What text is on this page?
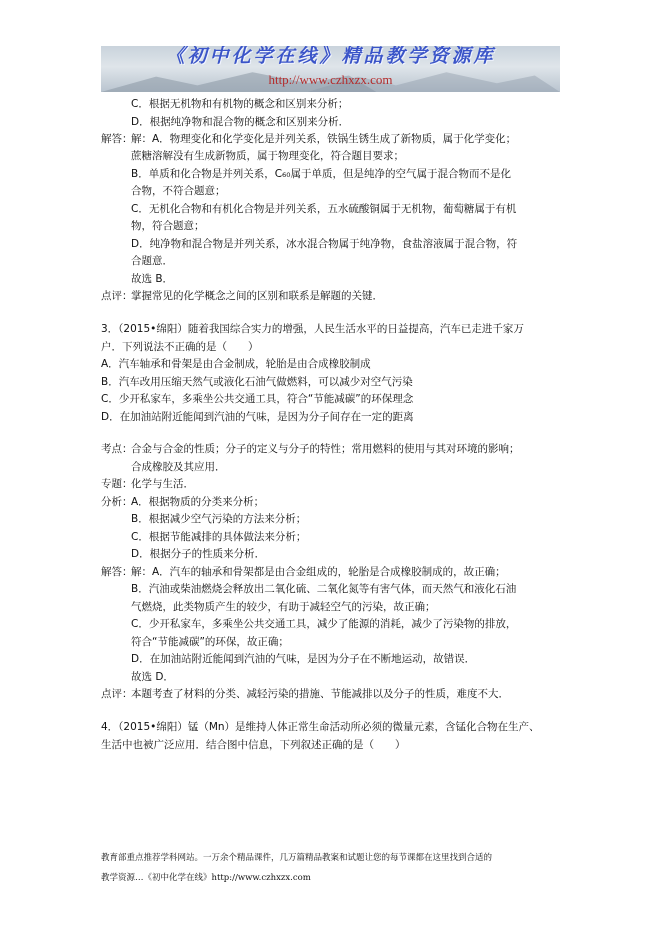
《初中化学在线》精品教学资源库
http://www.czhxzx.com
C．根据无机物和有机物的概念和区别来分析；
D．根据纯净物和混合物的概念和区别来分析．
解答：
解：A．物理变化和化学变化是并列关系，铁锅生锈生成了新物质，属于化学变化；
蔗糖溶解没有生成新物质，属于物理变化，符合题目要求；
B．单质和化合物是并列关系，C₆₀属于单质，但是纯净的空气属于混合物而不是化
合物，不符合题意；
C．无机化合物和有机化合物是并列关系，五水硫酸铜属于无机物，葡萄糖属于有机
物，符合题意；
D．纯净物和混合物是并列关系，冰水混合物属于纯净物，食盐溶液属于混合物，符
合题意．
故选 B．
点评：
掌握常见的化学概念之间的区别和联系是解题的关键．
3．（2015•绵阳）随着我国综合实力的增强，人民生活水平的日益提高，汽车已走进千家万
户．下列说法不正确的是（　　）
A．汽车轴承和骨架是由合金制成，轮胎是由合成橡胶制成
B．汽车改用压缩天然气或液化石油气做燃料，可以减少对空气污染
C．少开私家车，多乘坐公共交通工具，符合“节能减碳”的环保理念
D．在加油站附近能闻到汽油的气味，是因为分子间存在一定的距离
考点：
合金与合金的性质；分子的定义与分子的特性；常用燃料的使用与其对环境的影响；
合成橡胶及其应用．
专题：
化学与生活．
分析：
A．根据物质的分类来分析；
B．根据减少空气污染的方法来分析；
C．根据节能减排的具体做法来分析；
D．根据分子的性质来分析．
解答：
解：A．汽车的轴承和骨架都是由合金组成的，轮胎是合成橡胶制成的，故正确；
B．汽油或柴油燃烧会释放出二氧化硫、二氧化氮等有害气体，而天然气和液化石油
气燃烧，此类物质产生的较少，有助于减轻空气的污染，故正确；
C．少开私家车，多乘坐公共交通工具，减少了能源的消耗，减少了污染物的排放，
符合“节能减碳”的环保，故正确；
D．在加油站附近能闻到汽油的气味，是因为分子在不断地运动，故错误．
故选 D．
点评：
本题考查了材料的分类、减轻污染的措施、节能减排以及分子的性质，难度不大．
4．（2015•绵阳）锰（Mn）是维持人体正常生命活动所必须的微量元素，含锰化合物在生产、
生活中也被广泛应用．结合图中信息，下列叙述正确的是（　　）
教育部重点推荐学科网站。一万余个精品课件，几万篇精品教案和试题让您的每节课都在这里找到合适的
教学资源…《初中化学在线》http://www.czhxzx.com
